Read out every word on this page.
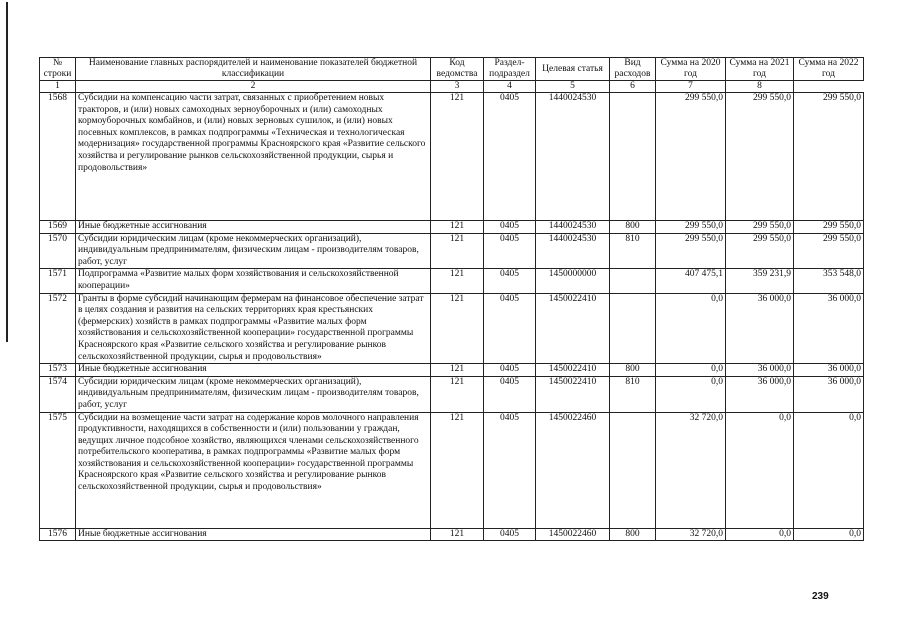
№ строки	Наименование главных распорядителей и наименование показателей бюджетной классификации	Код ведомства	Раздел-подраздел	Целевая статья	Вид расходов	Сумма на 2020 год	Сумма на 2021 год	Сумма на 2022 год
1	2	3	4	5	6	7	8
1568	Субсидии на компенсацию части затрат, связанных с приобретением новых тракторов, и (или) новых самоходных зерноуборочных и (или) самоходных кормоуборочных комбайнов, и (или) новых зерновых сушилок, и (или) новых посевных комплексов, в рамках подпрограммы «Техническая и технологическая модернизация» государственной программы Красноярского края «Развитие сельского хозяйства и регулирование рынков сельскохозяйственной продукции, сырья и продовольствия»	121	0405	1440024530		299 550,0	299 550,0	299 550,0
1569	Иные бюджетные ассигнования	121	0405	1440024530	800	299 550,0	299 550,0	299 550,0
1570	Субсидии юридическим лицам (кроме некоммерческих организаций), индивидуальным предпринимателям, физическим лицам - производителям товаров, работ, услуг	121	0405	1440024530	810	299 550,0	299 550,0	299 550,0
1571	Подпрограмма «Развитие малых форм хозяйствования и сельскохозяйственной кооперации»	121	0405	1450000000		407 475,1	359 231,9	353 548,0
1572	Гранты в форме субсидий начинающим фермерам на финансовое обеспечение затрат в целях создания и развития на сельских территориях края крестьянских (фермерских) хозяйств в рамках подпрограммы «Развитие малых форм хозяйствования и сельскохозяйственной кооперации» государственной программы Красноярского края «Развитие сельского хозяйства и регулирование рынков сельскохозяйственной продукции, сырья и продовольствия»	121	0405	1450022410		0,0	36 000,0	36 000,0
1573	Иные бюджетные ассигнования	121	0405	1450022410	800	0,0	36 000,0	36 000,0
1574	Субсидии юридическим лицам (кроме некоммерческих организаций), индивидуальным предпринимателям, физическим лицам - производителям товаров, работ, услуг	121	0405	1450022410	810	0,0	36 000,0	36 000,0
1575	Субсидии на возмещение части затрат на содержание коров молочного направления продуктивности, находящихся в собственности и (или) пользовании у граждан, ведущих личное подсобное хозяйство, являющихся членами сельскохозяйственного потребительского кооператива, в рамках подпрограммы «Развитие малых форм хозяйствования и сельскохозяйственной кооперации» государственной программы Красноярского края «Развитие сельского хозяйства и регулирование рынков сельскохозяйственной продукции, сырья и продовольствия»	121	0405	1450022460		32 720,0	0,0	0,0
1576	Иные бюджетные ассигнования	121	0405	1450022460	800	32 720,0	0,0	0,0
239
